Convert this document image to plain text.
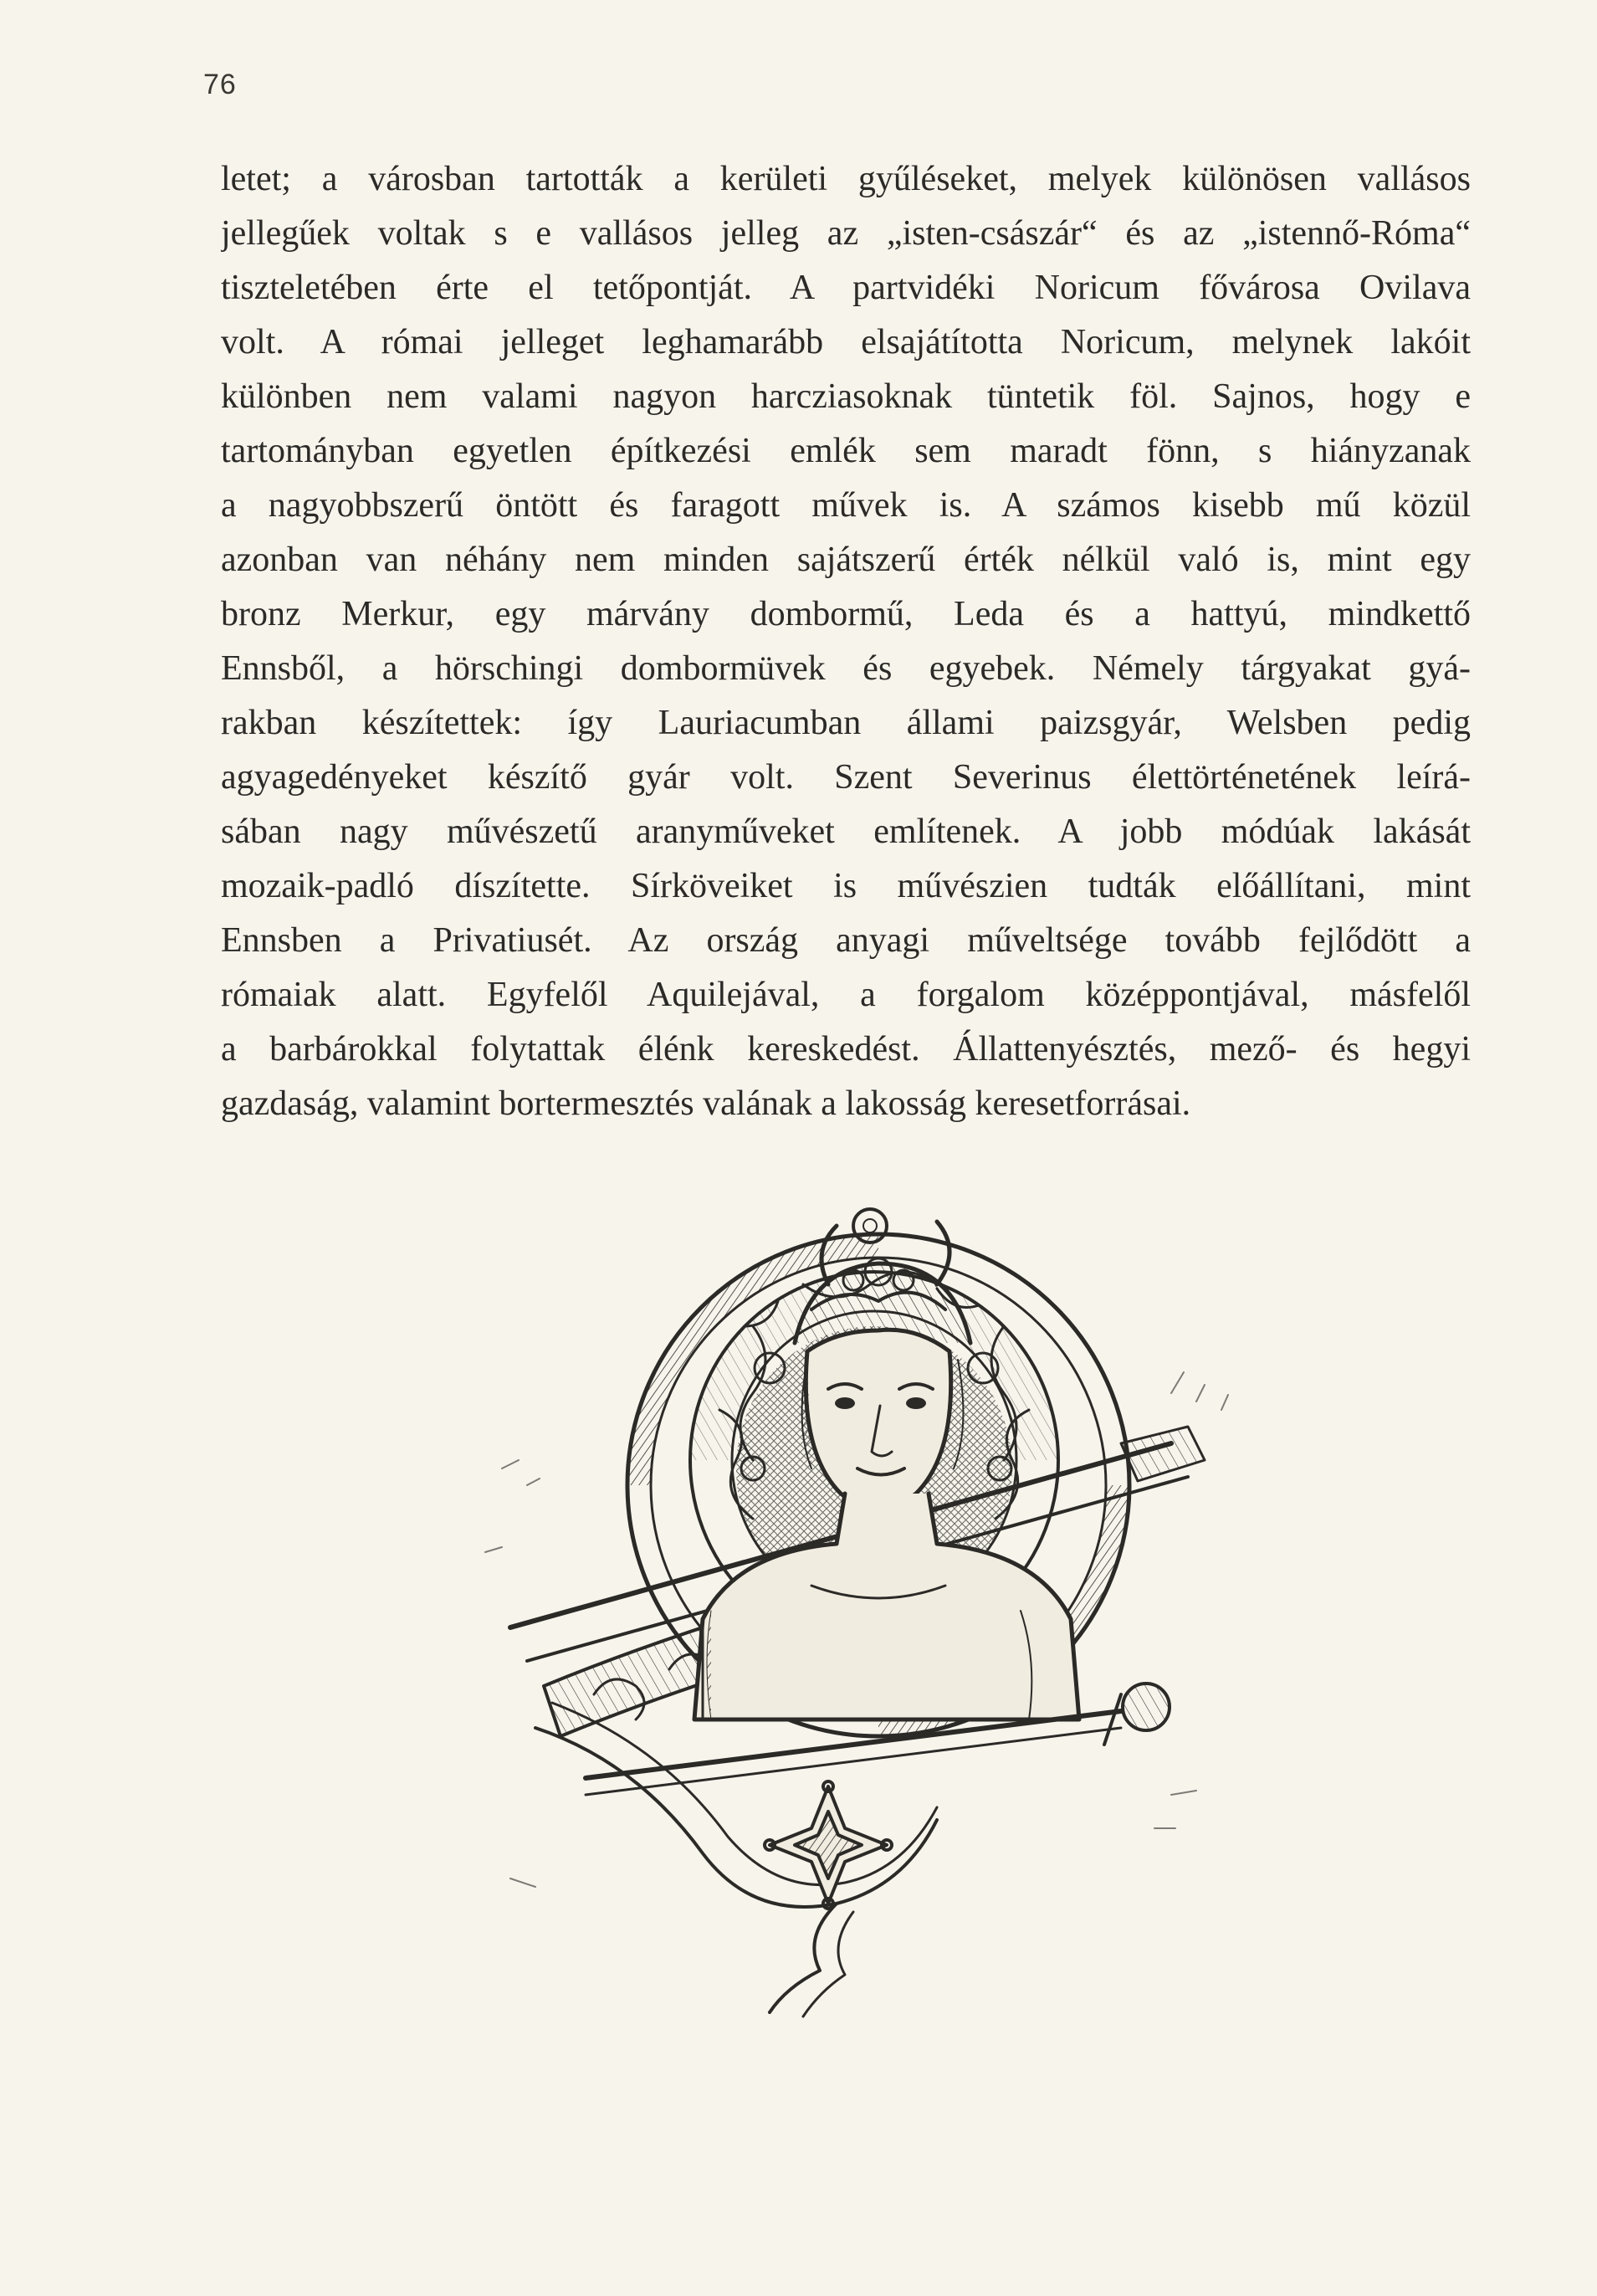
76
letet; a városban tartották a kerületi gyűléseket, melyek különösen vallásos
jellegűek voltak s e vallásos jelleg az „isten-császár“ és az „istennő-Róma“
tiszteletében érte el tetőpontját. A partvidéki Noricum fővárosa Ovilava
volt. A római jelleget leghamarább elsajátította Noricum, melynek lakóit
különben nem valami nagyon harcziasoknak tüntetik föl. Sajnos, hogy e
tartományban egyetlen építkezési emlék sem maradt fönn, s hiányzanak
a nagyobbszerű öntött és faragott művek is. A számos kisebb mű közül
azonban van néhány nem minden sajátszerű érték nélkül való is, mint egy
bronz Merkur, egy márvány dombormű, Leda és a hattyú, mindkettő
Ennsből, a hörschingi dombormüvek és egyebek. Némely tárgyakat gyá-
rakban készítettek: így Lauriacumban állami paizsgyár, Welsben pedig
agyagedényeket készítő gyár volt. Szent Severinus élettörténetének leírá-
sában nagy művészetű aranyműveket említenek. A jobb módúak lakását
mozaik-padló díszítette. Sírköveiket is művészien tudták előállítani, mint
Ennsben a Privatiusét. Az ország anyagi műveltsége tovább fejlődött a
rómaiak alatt. Egyfelől Aquilejával, a forgalom középpontjával, másfelől
a barbárokkal folytattak élénk kereskedést. Állattenyésztés, mező- és hegyi
gazdaság, valamint bortermesztés valának a lakosság keresetforrásai.
